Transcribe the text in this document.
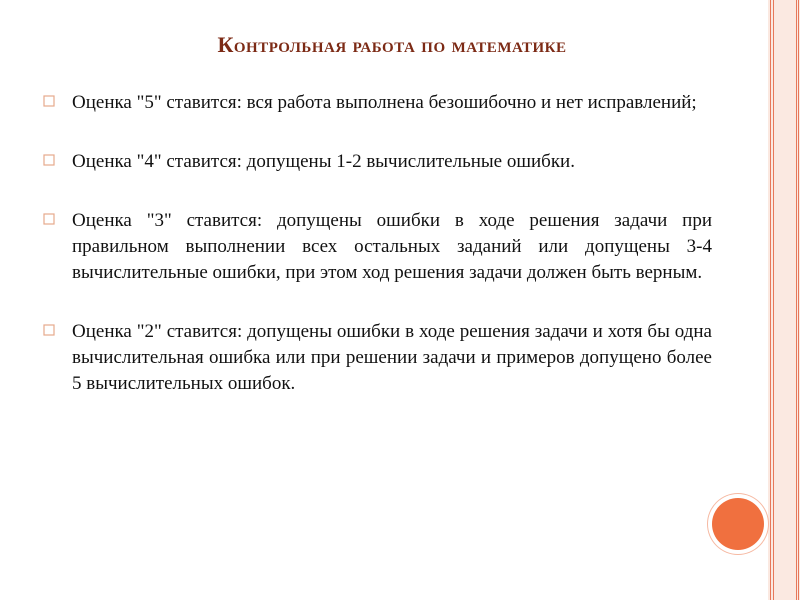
Контрольная работа по математике
Оценка "5" ставится: вся работа выполнена безошибочно и нет исправлений;
Оценка "4" ставится: допущены 1-2 вычислительные ошибки.
Оценка "3" ставится: допущены ошибки в ходе решения задачи при правильном выполнении всех остальных заданий или допущены 3-4 вычислительные ошибки, при этом ход решения задачи должен быть верным.
Оценка "2" ставится: допущены ошибки в ходе решения задачи и хотя бы одна вычислительная ошибка или при решении задачи и примеров допущено более 5 вычислительных ошибок.
